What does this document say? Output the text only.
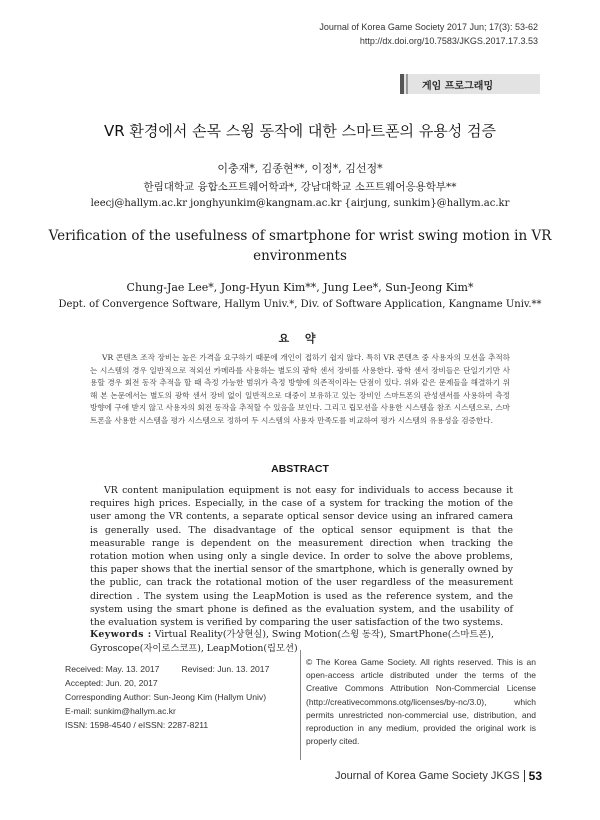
Journal of Korea Game Society 2017 Jun; 17(3): 53-62
http://dx.doi.org/10.7583/JKGS.2017.17.3.53
게임 프로그래밍
VR 환경에서 손목 스윙 동작에 대한 스마트폰의 유용성 검증
이충재*, 김종현**, 이정*, 김선정*
한림대학교 융합소프트웨어학과*, 강남대학교 소프트웨어응용학부**
leecj@hallym.ac.kr jonghyunkim@kangnam.ac.kr {airjung, sunkim}@hallym.ac.kr
Verification of the usefulness of smartphone for wrist swing motion in VR environments
Chung-Jae Lee*, Jong-Hyun Kim**, Jung Lee*, Sun-Jeong Kim*
Dept. of Convergence Software, Hallym Univ.*, Div. of Software Application, Kangname Univ.**
요 약
VR 콘텐츠 조작 장비는 높은 가격을 요구하기 때문에 개인이 접하기 쉽지 않다. 특히 VR 콘텐츠 중 사용자의 모션을 추적하는 시스템의 경우 일반적으로 적외선 카메라를 사용하는 별도의 광학 센서 장비를 사용한다. 광학 센서 장비들은 단일기기만 사용할 경우 회전 동작 추적을 할 때 측정 가능한 범위가 측정 방향에 의존적이라는 단점이 있다. 위와 같은 문제들을 해결하기 위해 본 논문에서는 별도의 광학 센서 장비 없이 일반적으로 대중이 보유하고 있는 장비인 스마트폰의 관성센서를 사용하여 측정 방향에 구애 받지 않고 사용자의 회전 동작을 추적할 수 있음을 보인다. 그리고 립모션을 사용한 시스템을 참조 시스템으로, 스마트폰을 사용한 시스템을 평가 시스템으로 정하여 두 시스템의 사용자 만족도를 비교하여 평가 시스템의 유용성을 검증한다.
ABSTRACT
VR content manipulation equipment is not easy for individuals to access because it requires high prices. Especially, in the case of a system for tracking the motion of the user among the VR contents, a separate optical sensor device using an infrared camera is generally used. The disadvantage of the optical sensor equipment is that the measurable range is dependent on the measurement direction when tracking the rotation motion when using only a single device. In order to solve the above problems, this paper shows that the inertial sensor of the smartphone, which is generally owned by the public, can track the rotational motion of the user regardless of the measurement direction . The system using the LeapMotion is used as the reference system, and the system using the smart phone is defined as the evaluation system, and the usability of the evaluation system is verified by comparing the user satisfaction of the two systems.
Keywords : Virtual Reality(가상현실), Swing Motion(스윙 동작), SmartPhone(스마트폰), Gyroscope(자이로스코프), LeapMotion(립모션)
Received: May. 13. 2017	Revised: Jun. 13. 2017
Accepted: Jun. 20, 2017
Corresponding Author: Sun-Jeong Kim (Hallym Univ)
E-mail: sunkim@hallym.ac.kr
ISSN: 1598-4540 / eISSN: 2287-8211
© The Korea Game Society. All rights reserved. This is an open-access article distributed under the terms of the Creative Commons Attribution Non-Commercial License (http://creativecommons.otg/licenses/by-nc/3.0), which permits unrestricted non-commercial use, distribution, and reproduction in any medium, provided the original work is properly cited.
Journal of Korea Game Society JKGS 53
